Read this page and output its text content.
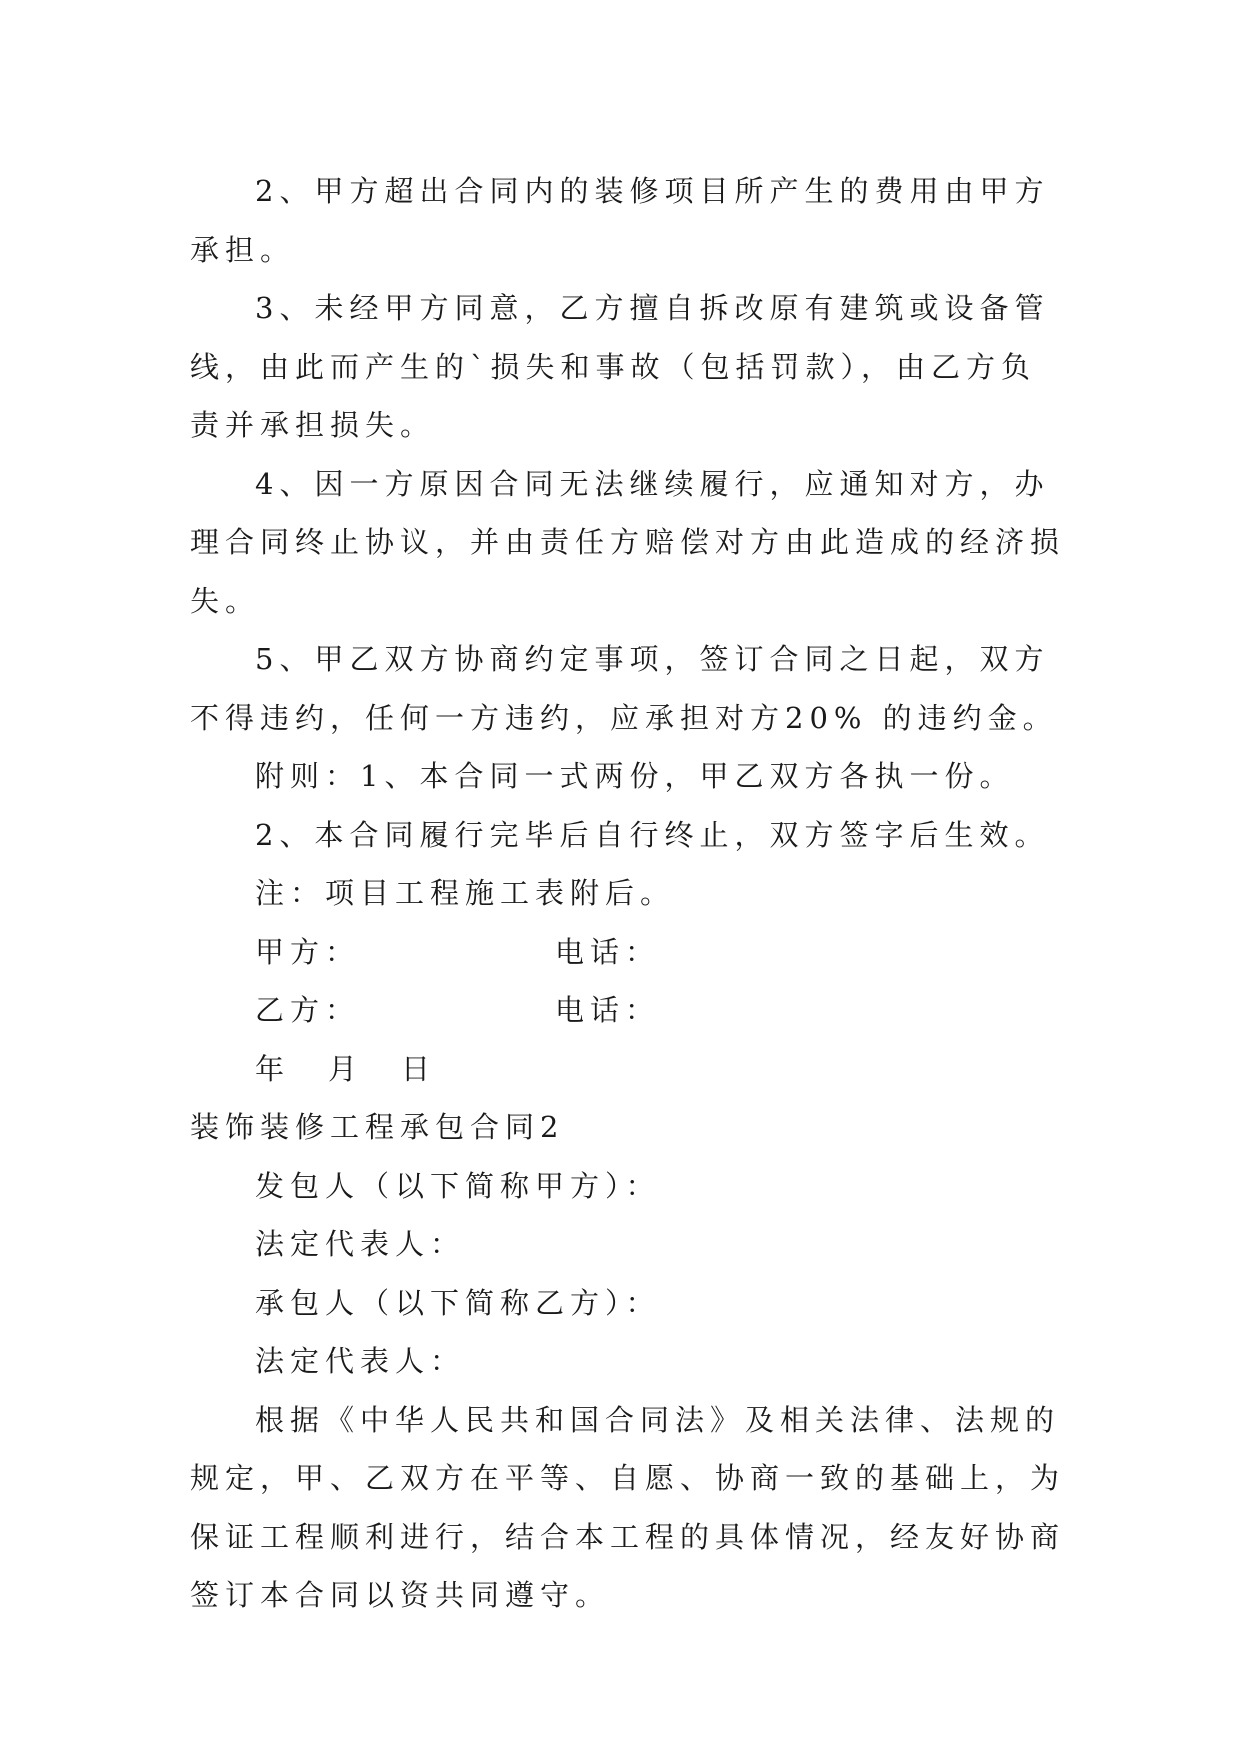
2、甲方超出合同内的装修项目所产生的费用由甲方承担。

3、未经甲方同意，乙方擅自拆改原有建筑或设备管线，由此而产生的`损失和事故（包括罚款），由乙方负责并承担损失。

4、因一方原因合同无法继续履行，应通知对方，办理合同终止协议，并由责任方赔偿对方由此造成的经济损失。

5、甲乙双方协商约定事项，签订合同之日起，双方不得违约，任何一方违约，应承担对方20% 的违约金。

附则：1、本合同一式两份，甲乙双方各执一份。

2、本合同履行完毕后自行终止，双方签字后生效。

注：项目工程施工表附后。

甲方：	电话：
乙方：	电话：
年 月 日

装饰装修工程承包合同2

发包人（以下简称甲方）：

法定代表人：

承包人（以下简称乙方）：

法定代表人：

根据《中华人民共和国合同法》及相关法律、法规的规定，甲、乙双方在平等、自愿、协商一致的基础上，为保证工程顺利进行，结合本工程的具体情况，经友好协商签订本合同以资共同遵守。
